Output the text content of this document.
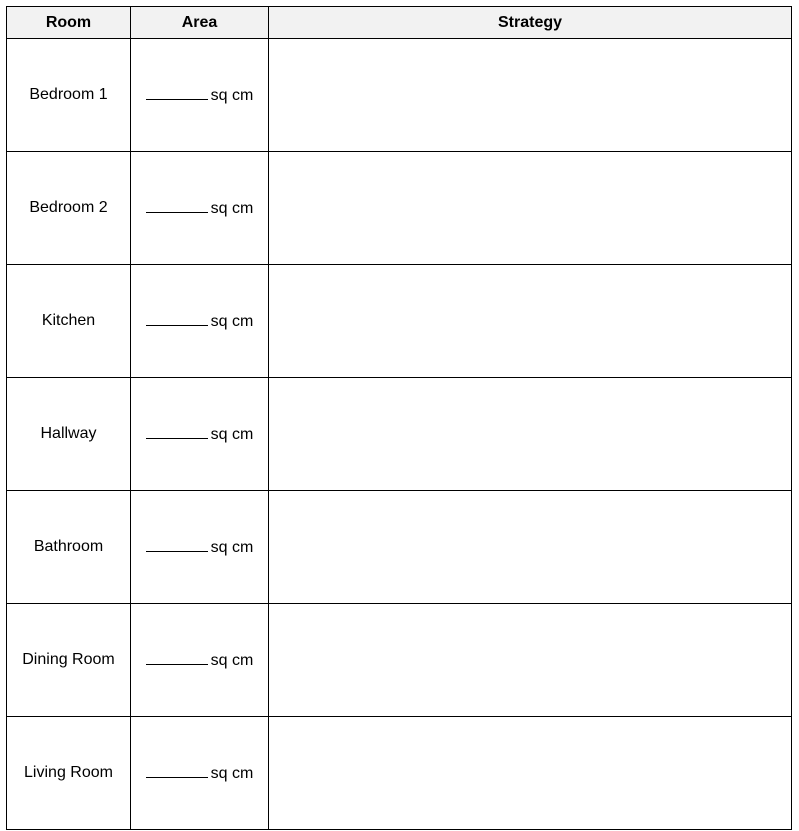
Room	Area	Strategy
Bedroom 1	sq cm	
Bedroom 2	sq cm	
Kitchen	sq cm	
Hallway	sq cm	
Bathroom	sq cm	
Dining Room	sq cm	
Living Room	sq cm	
